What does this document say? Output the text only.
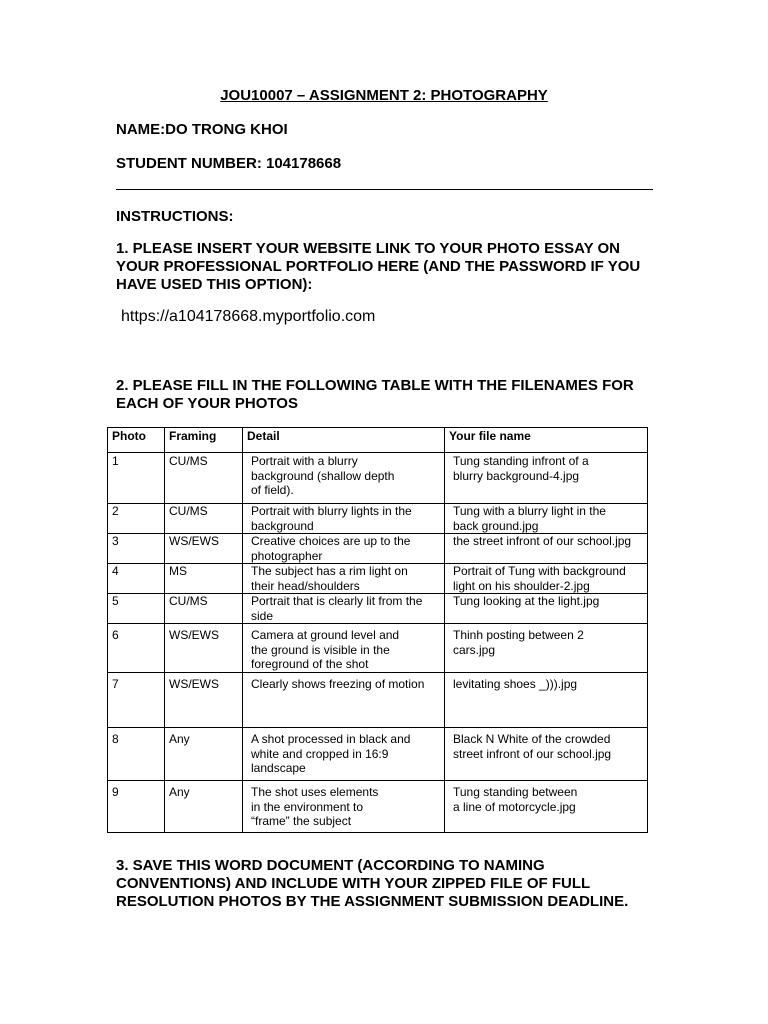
JOU10007 – ASSIGNMENT 2: PHOTOGRAPHY
NAME:DO TRONG KHOI
STUDENT NUMBER: 104178668
INSTRUCTIONS:
1. PLEASE INSERT YOUR WEBSITE LINK TO YOUR PHOTO ESSAY ON YOUR PROFESSIONAL PORTFOLIO HERE (AND THE PASSWORD IF YOU HAVE USED THIS OPTION):
https://a104178668.myportfolio.com
2. PLEASE FILL IN THE FOLLOWING TABLE WITH THE FILENAMES FOR EACH OF YOUR PHOTOS
Photo	Framing	Detail	Your file name
1	CU/MS	Portrait with a blurry
background (shallow depth
of field).	Tung standing infront of a
blurry background-4.jpg
2	CU/MS	Portrait with blurry lights in the
background	Tung with a blurry light in the
back ground.jpg
3	WS/EWS	Creative choices are up to the
photographer	the street infront of our school.jpg
4	MS	The subject has a rim light on
their head/shoulders	Portrait of Tung with background
light on his shoulder-2.jpg
5	CU/MS	Portrait that is clearly lit from the
side	Tung looking at the light.jpg
6	WS/EWS	Camera at ground level and
the ground is visible in the
foreground of the shot	Thinh posting between 2
cars.jpg
7	WS/EWS	Clearly shows freezing of motion	levitating shoes _))).jpg
8	Any	A shot processed in black and
white and cropped in 16:9
landscape	Black N White of the crowded
street infront of our school.jpg
9	Any	The shot uses elements
in the environment to
“frame” the subject	Tung standing between
a line of motorcycle.jpg
3. SAVE THIS WORD DOCUMENT (ACCORDING TO NAMING CONVENTIONS) AND INCLUDE WITH YOUR ZIPPED FILE OF FULL RESOLUTION PHOTOS BY THE ASSIGNMENT SUBMISSION DEADLINE.
